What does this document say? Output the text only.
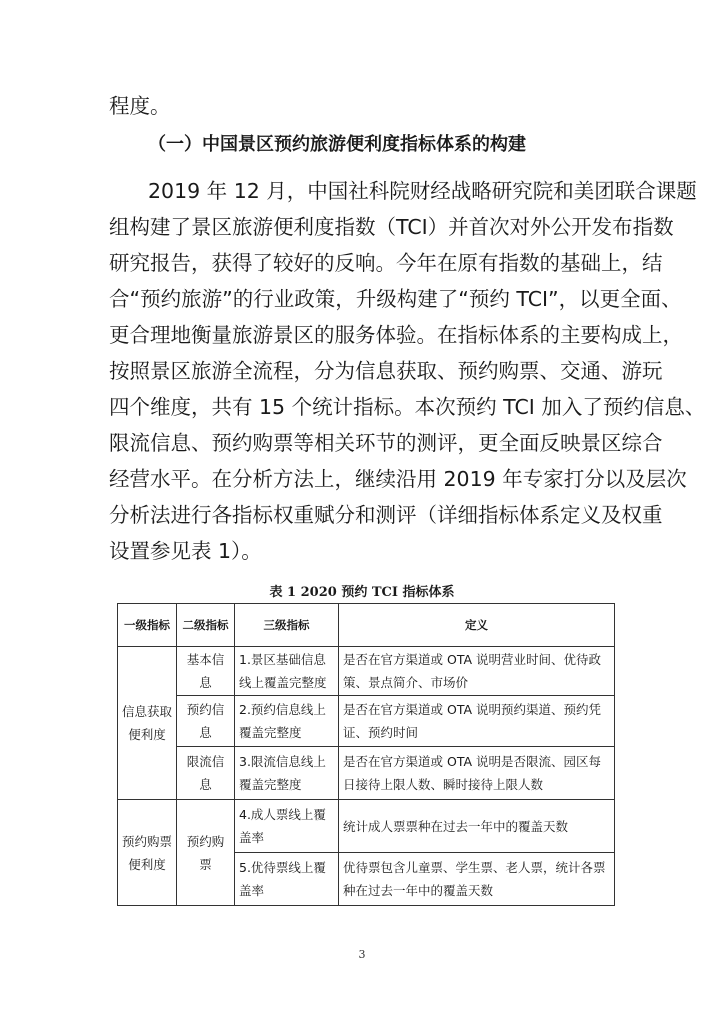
程度。
（一）中国景区预约旅游便利度指标体系的构建
2019 年 12 月，中国社科院财经战略研究院和美团联合课题
组构建了景区旅游便利度指数（TCI）并首次对外公开发布指数
研究报告，获得了较好的反响。今年在原有指数的基础上，结
合“预约旅游”的行业政策，升级构建了“预约 TCI”，以更全面、
更合理地衡量旅游景区的服务体验。在指标体系的主要构成上，
按照景区旅游全流程，分为信息获取、预约购票、交通、游玩
四个维度，共有 15 个统计指标。本次预约 TCI 加入了预约信息、
限流信息、预约购票等相关环节的测评，更全面反映景区综合
经营水平。在分析方法上，继续沿用 2019 年专家打分以及层次
分析法进行各指标权重赋分和测评（详细指标体系定义及权重
设置参见表 1）。
表 1 2020 预约 TCI 指标体系
一级指标	二级指标	三级指标	定义
信息获取便利度	基本信息	1.景区基础信息线上覆盖完整度	是否在官方渠道或 OTA 说明营业时间、优待政策、景点简介、市场价
	预约信息	2.预约信息线上覆盖完整度	是否在官方渠道或 OTA 说明预约渠道、预约凭证、预约时间
	限流信息	3.限流信息线上覆盖完整度	是否在官方渠道或 OTA 说明是否限流、园区每日接待上限人数、瞬时接待上限人数
预约购票便利度	预约购票	4.成人票线上覆盖率	统计成人票票种在过去一年中的覆盖天数
		5.优待票线上覆盖率	优待票包含儿童票、学生票、老人票，统计各票种在过去一年中的覆盖天数
3
